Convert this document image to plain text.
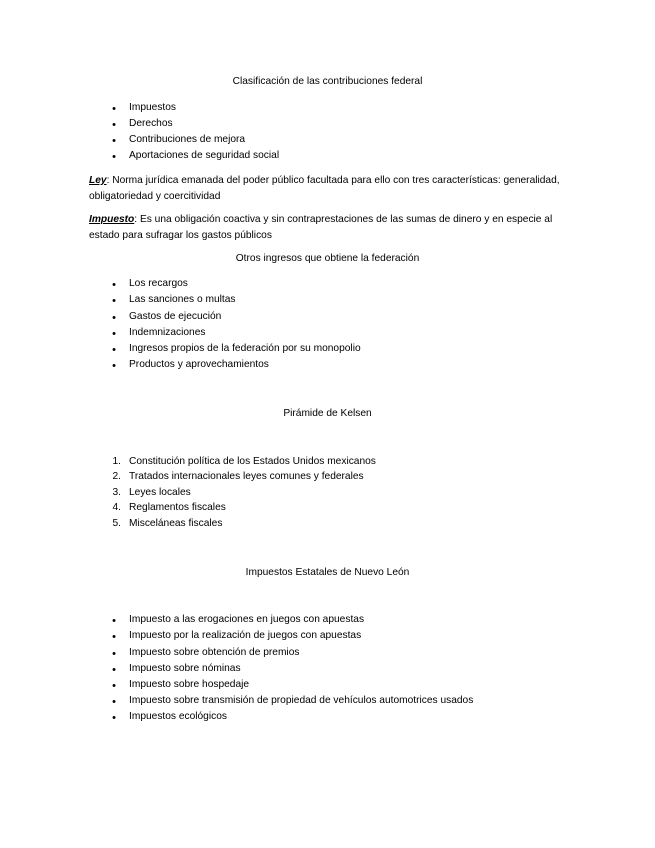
Clasificación de las contribuciones federal
• Impuestos
• Derechos
• Contribuciones de mejora
• Aportaciones de seguridad social
Ley: Norma jurídica emanada del poder público facultada para ello con tres características: generalidad, obligatoriedad y coercitividad
Impuesto: Es una obligación coactiva y sin contraprestaciones de las sumas de dinero y en especie al estado para sufragar los gastos públicos
Otros ingresos que obtiene la federación
• Los recargos
• Las sanciones o multas
• Gastos de ejecución
• Indemnizaciones
• Ingresos propios de la federación por su monopolio
• Productos y aprovechamientos
Pirámide de Kelsen
1. Constitución política de los Estados Unidos mexicanos
2. Tratados internacionales leyes comunes y federales
3. Leyes locales
4. Reglamentos fiscales
5. Misceláneas fiscales
Impuestos Estatales de Nuevo León
• Impuesto a las erogaciones en juegos con apuestas
• Impuesto por la realización de juegos con apuestas
• Impuesto sobre obtención de premios
• Impuesto sobre nóminas
• Impuesto sobre hospedaje
• Impuesto sobre transmisión de propiedad de vehículos automotrices usados
• Impuestos ecológicos
